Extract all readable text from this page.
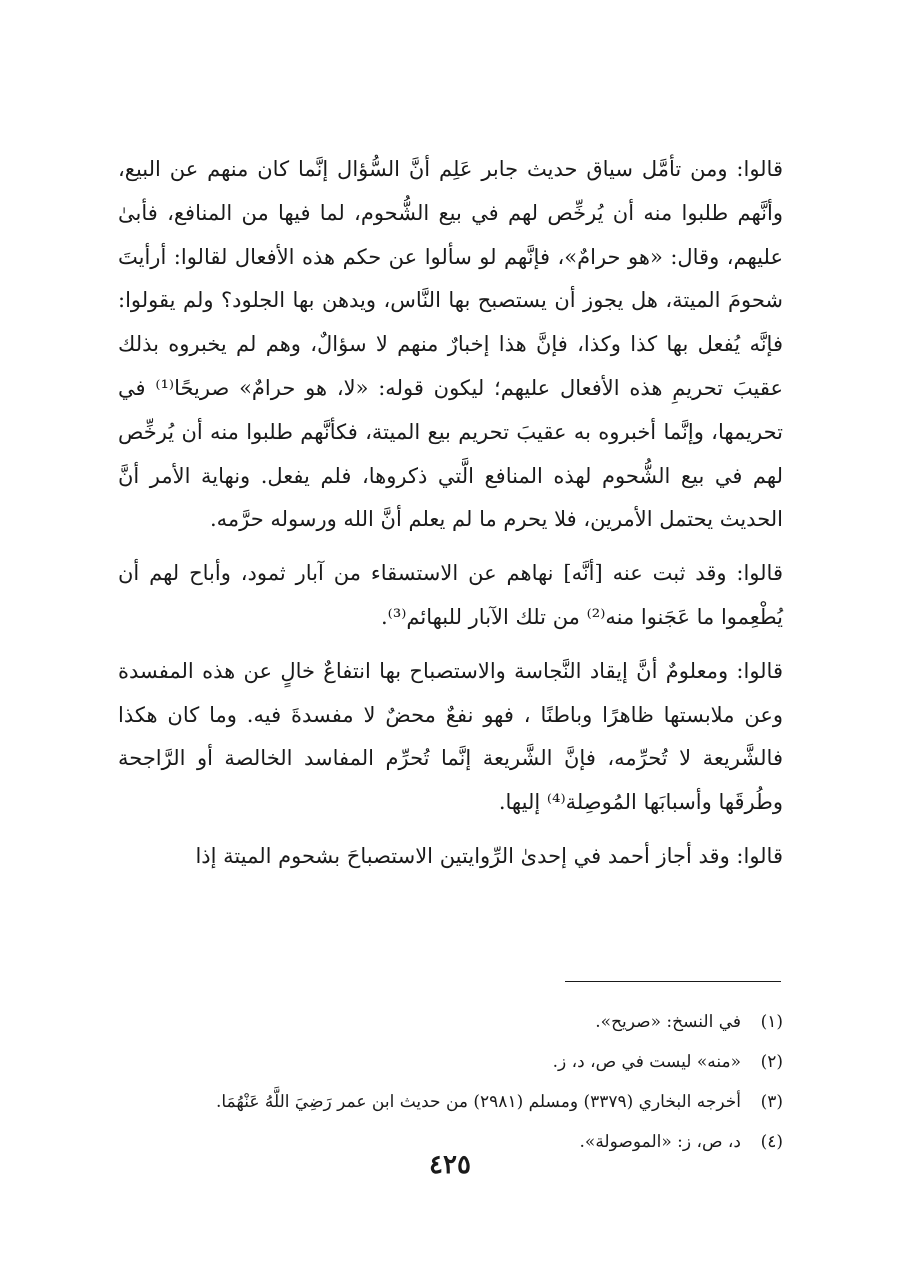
قالوا: ومن تأمَّل سياق حديث جابر عَلِم أنَّ السُّؤال إنَّما كان منهم عن البيع، وأنَّهم طلبوا منه أن يُرخِّص لهم في بيع الشُّحوم، لما فيها من المنافع، فأبىٰ عليهم، وقال: «هو حرامٌ»، فإنَّهم لو سألوا عن حكم هذه الأفعال لقالوا: أرأيتَ شحومَ الميتة، هل يجوز أن يستصبح بها النَّاس، ويدهن بها الجلود؟ ولم يقولوا: فإنَّه يُفعل بها كذا وكذا، فإنَّ هذا إخبارٌ منهم لا سؤالٌ، وهم لم يخبروه بذلك عقيبَ تحريمِ هذه الأفعال عليهم؛ ليكون قوله: «لا، هو حرامٌ» صريحًا⁽¹⁾ في تحريمها، وإنَّما أخبروه به عقيبَ تحريم بيع الميتة، فكأنَّهم طلبوا منه أن يُرخِّص لهم في بيع الشُّحوم لهذه المنافع الَّتي ذكروها، فلم يفعل. ونهاية الأمر أنَّ الحديث يحتمل الأمرين، فلا يحرم ما لم يعلم أنَّ الله ورسوله حرَّمه.

قالوا: وقد ثبت عنه [أنَّه] نهاهم عن الاستسقاء من آبار ثمود، وأباح لهم أن يُطْعِموا ما عَجَنوا منه⁽²⁾ من تلك الآبار للبهائم⁽³⁾.

قالوا: ومعلومٌ أنَّ إيقاد النَّجاسة والاستصباح بها انتفاعٌ خالٍ عن هذه المفسدة وعن ملابستها ظاهرًا وباطنًا ، فهو نفعٌ محضٌ لا مفسدةَ فيه. وما كان هكذا فالشَّريعة لا تُحرِّمه، فإنَّ الشَّريعة إنَّما تُحرِّم المفاسد الخالصة أو الرَّاجحة وطُرقَها وأسبابَها المُوصِلة⁽⁴⁾ إليها.

قالوا: وقد أجاز أحمد في إحدىٰ الرِّوايتين الاستصباحَ بشحوم الميتة إذا

(١)في النسخ: «صريح».

(٢)«منه» ليست في ص، د، ز.

(٣)أخرجه البخاري (٣٣٧٩) ومسلم (٢٩٨١) من حديث ابن عمر رَضِيَ اللَّهُ عَنْهُمَا.

(٤)د، ص، ز: «الموصولة».

٤٢٥
